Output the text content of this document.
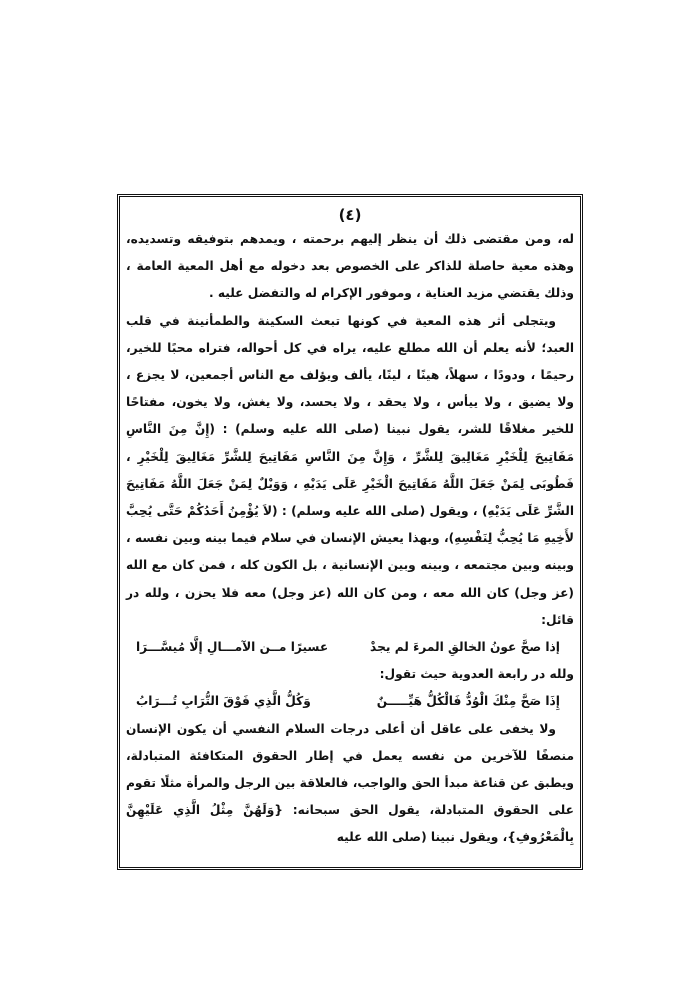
(٤)

له، ومن مقتضى ذلك أن ينظر إليهم برحمته ، ويمدهم بتوفيقه وتسديده، وهذه معية حاصلة للذاكر على الخصوص بعد دخوله مع أهل المعية العامة ، وذلك يقتضي مزيد العناية ، وموفور الإكرام له والتفضل عليه .

ويتجلى أثر هذه المعية في كونها تبعث السكينة والطمأنينة في قلب العبد؛ لأنه يعلم أن الله مطلع عليه، يراه في كل أحواله، فتراه محبًا للخير، رحيمًا ، ودودًا ، سهلاً، هينًا ، لينًا، يألف ويؤلف مع الناس أجمعين، لا يجزع ، ولا يضيق ، ولا ييأس ، ولا يحقد ، ولا يحسد، ولا يغش، ولا يخون، مفتاحًا للخير مغلاقًا للشر، يقول نبينا (صلى الله عليه وسلم) : (إِنَّ مِنَ النَّاسِ مَفَاتِيحَ لِلْخَيْرِ مَغَالِيقَ لِلشَّرِّ ، وَإِنَّ مِنَ النَّاسِ مَفَاتِيحَ لِلشَّرِّ مَغَالِيقَ لِلْخَيْرِ ، فَطُوبَى لِمَنْ جَعَلَ اللَّهُ مَفَاتِيحَ الْخَيْرِ عَلَى يَدَيْهِ ، وَوَيْلٌ لِمَنْ جَعَلَ اللَّهُ مَفَاتِيحَ الشَّرِّ عَلَى يَدَيْهِ) ، ويقول (صلى الله عليه وسلم) : (لاَ يُؤْمِنُ أَحَدُكُمْ حَتَّى يُحِبَّ لأَخِيهِ مَا يُحِبُّ لِنَفْسِهِ)، وبهذا يعيش الإنسان في سلام فيما بينه وبين نفسه ، وبينه وبين مجتمعه ، وبينه وبين الإنسانية ، بل الكون كله ، فمن كان مع الله (عز وجل) كان الله معه ، ومن كان الله (عز وجل) معه فلا يحزن ، ولله در قائل:

إذا صحَّ عونُ الخالقِ المرءَ لم يجدْ
عسيرًا مــن الآمـــالِ إلَّا مُيسَّـــرَا

ولله در رابعة العدوية حيث تقول:

إِذَا صَحَّ مِنْكَ الْوُدُّ فَالْكُلُّ هَيِّـــــنٌ
وَكُلُّ الَّذِي فَوْقَ التُّرَابِ تُـــرَابُ

ولا يخفى على عاقل أن أعلى درجات السلام النفسي أن يكون الإنسان منصفًا للآخرين من نفسه يعمل في إطار الحقوق المتكافئة المتبادلة، ويطبق عن قناعة مبدأ الحق والواجب، فالعلاقة بين الرجل والمرأة مثلًا تقوم على الحقوق المتبادلة، يقول الحق سبحانه: {وَلَهُنَّ مِثْلُ الَّذِي عَلَيْهِنَّ بِالْمَعْرُوفِ}، ويقول نبينا (صلى الله عليه
